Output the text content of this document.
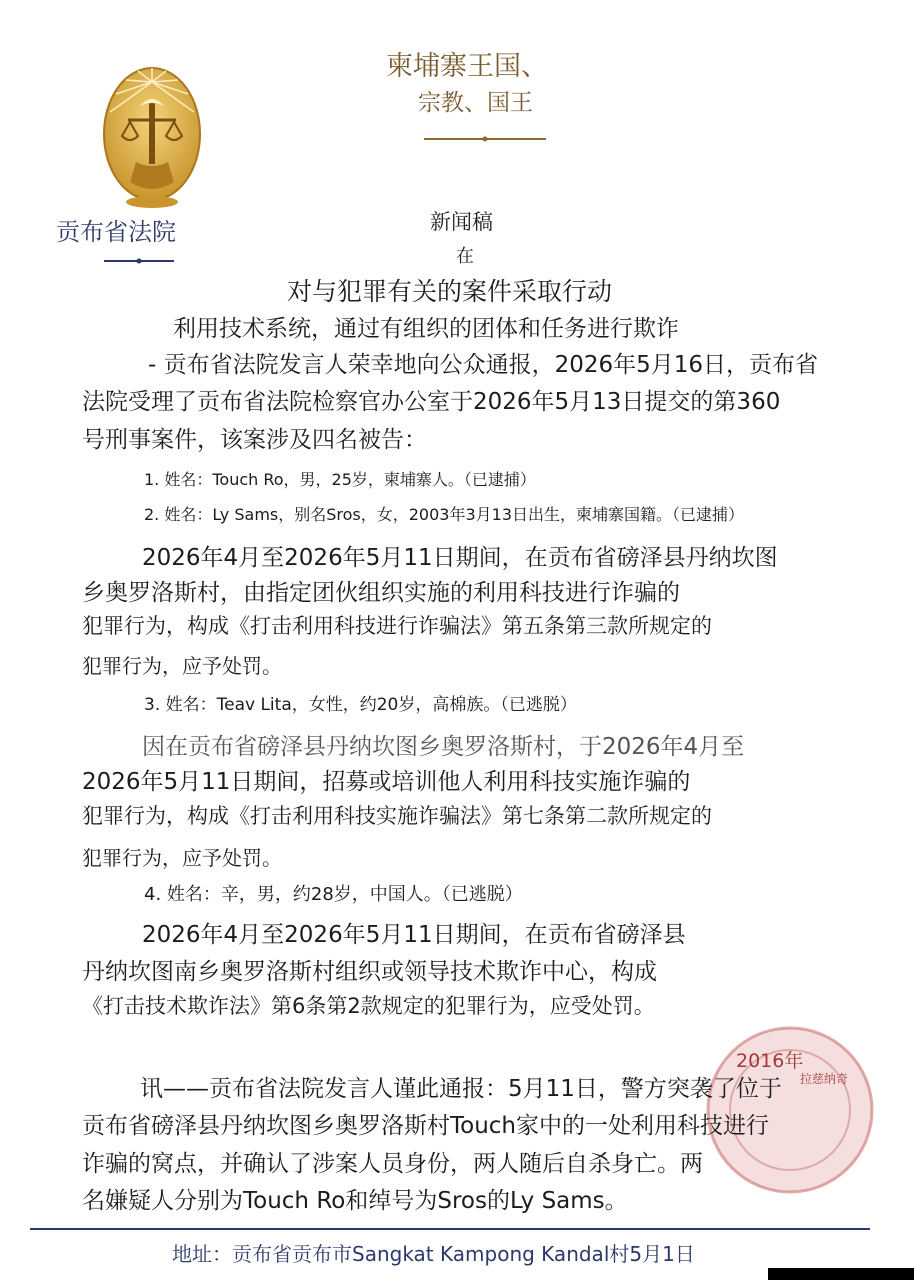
贡布省法院
柬埔寨王国、
宗教、国王
新闻稿
在
对与犯罪有关的案件采取行动
利用技术系统，通过有组织的团体和任务进行欺诈
- 贡布省法院发言人荣幸地向公众通报，2026年5月16日，贡布省
法院受理了贡布省法院检察官办公室于2026年5月13日提交的第360
号刑事案件，该案涉及四名被告：
1. 姓名：Touch Ro，男，25岁，柬埔寨人。（已逮捕）
2. 姓名：Ly Sams，别名Sros，女，2003年3月13日出生，柬埔寨国籍。（已逮捕）
2026年4月至2026年5月11日期间，在贡布省磅泽县丹纳坎图
乡奥罗洛斯村，由指定团伙组织实施的利用科技进行诈骗的
犯罪行为，构成《打击利用科技进行诈骗法》第五条第三款所规定的
犯罪行为，应予处罚。
3. 姓名：Teav Lita，女性，约20岁，高棉族。（已逃脱）
因在贡布省磅泽县丹纳坎图乡奥罗洛斯村，于2026年4月至
2026年5月11日期间，招募或培训他人利用科技实施诈骗的
犯罪行为，构成《打击利用科技实施诈骗法》第七条第二款所规定的
犯罪行为，应予处罚。
4. 姓名：辛，男，约28岁，中国人。（已逃脱）
2026年4月至2026年5月11日期间，在贡布省磅泽县
丹纳坎图南乡奥罗洛斯村组织或领导技术欺诈中心，构成
《打击技术欺诈法》第6条第2款规定的犯罪行为，应受处罚。
2016年
拉慈纳奇
讯——贡布省法院发言人谨此通报：5月11日，警方突袭了位于
贡布省磅泽县丹纳坎图乡奥罗洛斯村Touch家中的一处利用科技进行
诈骗的窝点，并确认了涉案人员身份，两人随后自杀身亡。两
名嫌疑人分别为Touch Ro和绰号为Sros的Ly Sams。
地址：贡布省贡布市Sangkat Kampong Kandal村5月1日
